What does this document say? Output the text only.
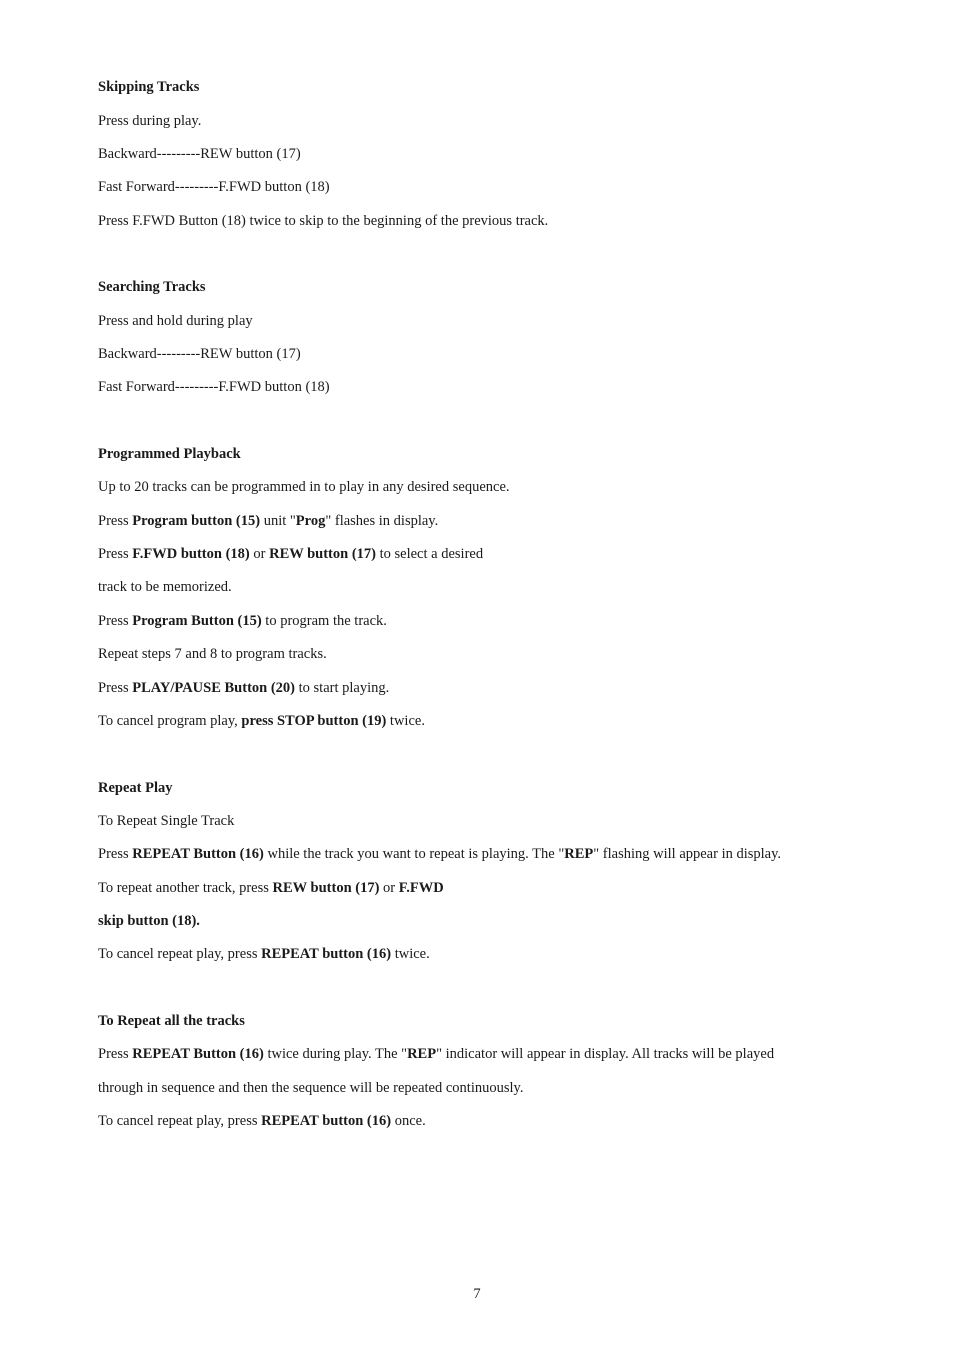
Skipping Tracks
Press during play.
Backward---------REW button (17)
Fast Forward---------F.FWD button (18)
Press F.FWD Button (18) twice to skip to the beginning of the previous track.
Searching Tracks
Press and hold during play
Backward---------REW button (17)
Fast Forward---------F.FWD button (18)
Programmed Playback
Up to 20 tracks can be programmed in to play in any desired sequence.
Press Program button (15) unit "Prog" flashes in display.
Press F.FWD button (18) or REW button (17) to select a desired
track to be memorized.
Press Program Button (15) to program the track.
Repeat steps 7 and 8 to program tracks.
Press PLAY/PAUSE Button (20) to start playing.
To cancel program play, press STOP button (19) twice.
Repeat Play
To Repeat Single Track
Press REPEAT Button (16) while the track you want to repeat is playing. The "REP" flashing will appear in display.
To repeat another track, press REW button (17) or F.FWD
skip button (18).
To cancel repeat play, press REPEAT button (16) twice.
To Repeat all the tracks
Press REPEAT Button (16) twice during play. The "REP" indicator will appear in display. All tracks will be played
through in sequence and then the sequence will be repeated continuously.
To cancel repeat play, press REPEAT button (16) once.
7
